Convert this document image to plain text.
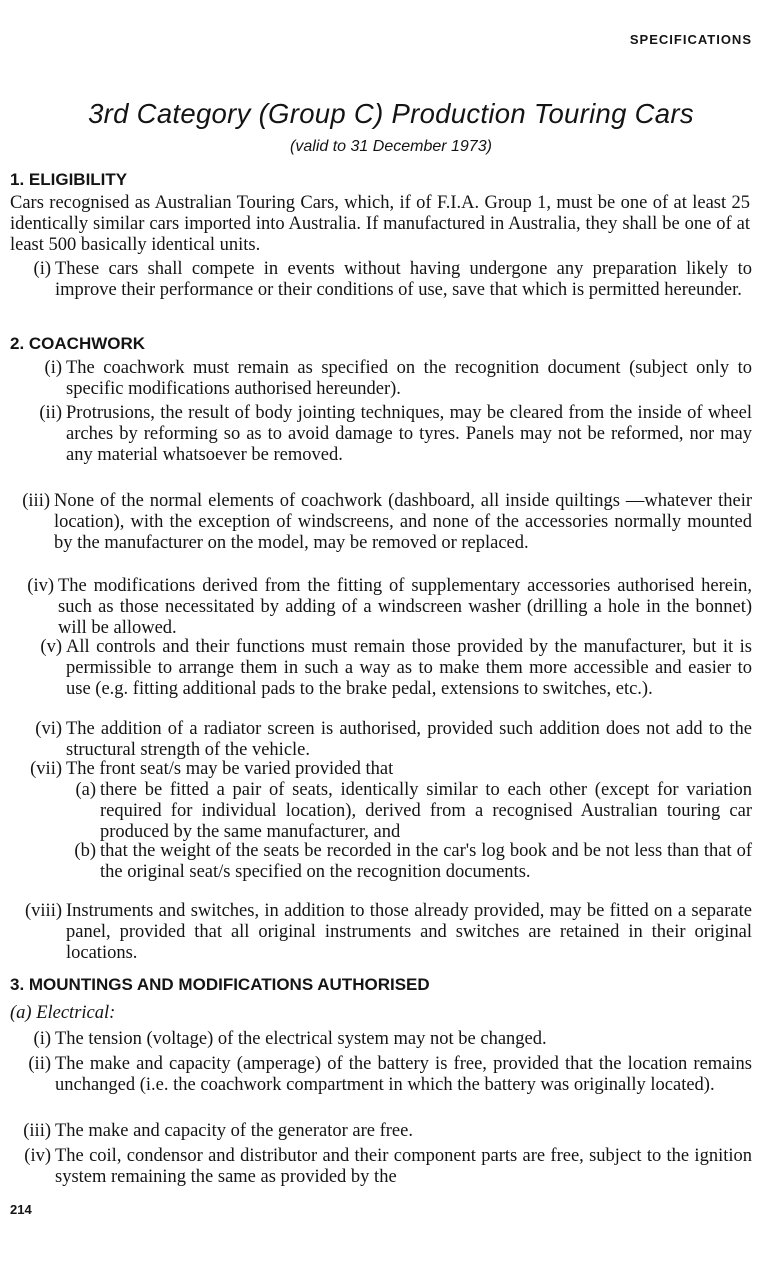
SPECIFICATIONS
3rd Category (Group C) Production Touring Cars
(valid to 31 December 1973)
1. ELIGIBILITY
Cars recognised as Australian Touring Cars, which, if of F.I.A. Group 1, must be one of at least 25 identically similar cars imported into Australia. If manufactured in Australia, they shall be one of at least 500 basically identical units.
(i) These cars shall compete in events without having undergone any preparation likely to improve their performance or their conditions of use, save that which is permitted hereunder.
2. COACHWORK
(i) The coachwork must remain as specified on the recognition document (subject only to specific modifications authorised hereunder).
(ii) Protrusions, the result of body jointing techniques, may be cleared from the inside of wheel arches by reforming so as to avoid damage to tyres. Panels may not be reformed, nor may any material whatsoever be removed.
(iii) None of the normal elements of coachwork (dashboard, all inside quiltings —whatever their location), with the exception of windscreens, and none of the accessories normally mounted by the manufacturer on the model, may be removed or replaced.
(iv) The modifications derived from the fitting of supplementary accessories authorised herein, such as those necessitated by adding of a windscreen washer (drilling a hole in the bonnet) will be allowed.
(v) All controls and their functions must remain those provided by the manufacturer, but it is permissible to arrange them in such a way as to make them more accessible and easier to use (e.g. fitting additional pads to the brake pedal, extensions to switches, etc.).
(vi) The addition of a radiator screen is authorised, provided such addition does not add to the structural strength of the vehicle.
(vii) The front seat/s may be varied provided that
(a) there be fitted a pair of seats, identically similar to each other (except for variation required for individual location), derived from a recognised Australian touring car produced by the same manufacturer, and
(b) that the weight of the seats be recorded in the car's log book and be not less than that of the original seat/s specified on the recognition documents.
(viii) Instruments and switches, in addition to those already provided, may be fitted on a separate panel, provided that all original instruments and switches are retained in their original locations.
3. MOUNTINGS AND MODIFICATIONS AUTHORISED
(a) Electrical:
(i) The tension (voltage) of the electrical system may not be changed.
(ii) The make and capacity (amperage) of the battery is free, provided that the location remains unchanged (i.e. the coachwork compartment in which the battery was originally located).
(iii) The make and capacity of the generator are free.
(iv) The coil, condensor and distributor and their component parts are free, subject to the ignition system remaining the same as provided by the
214
